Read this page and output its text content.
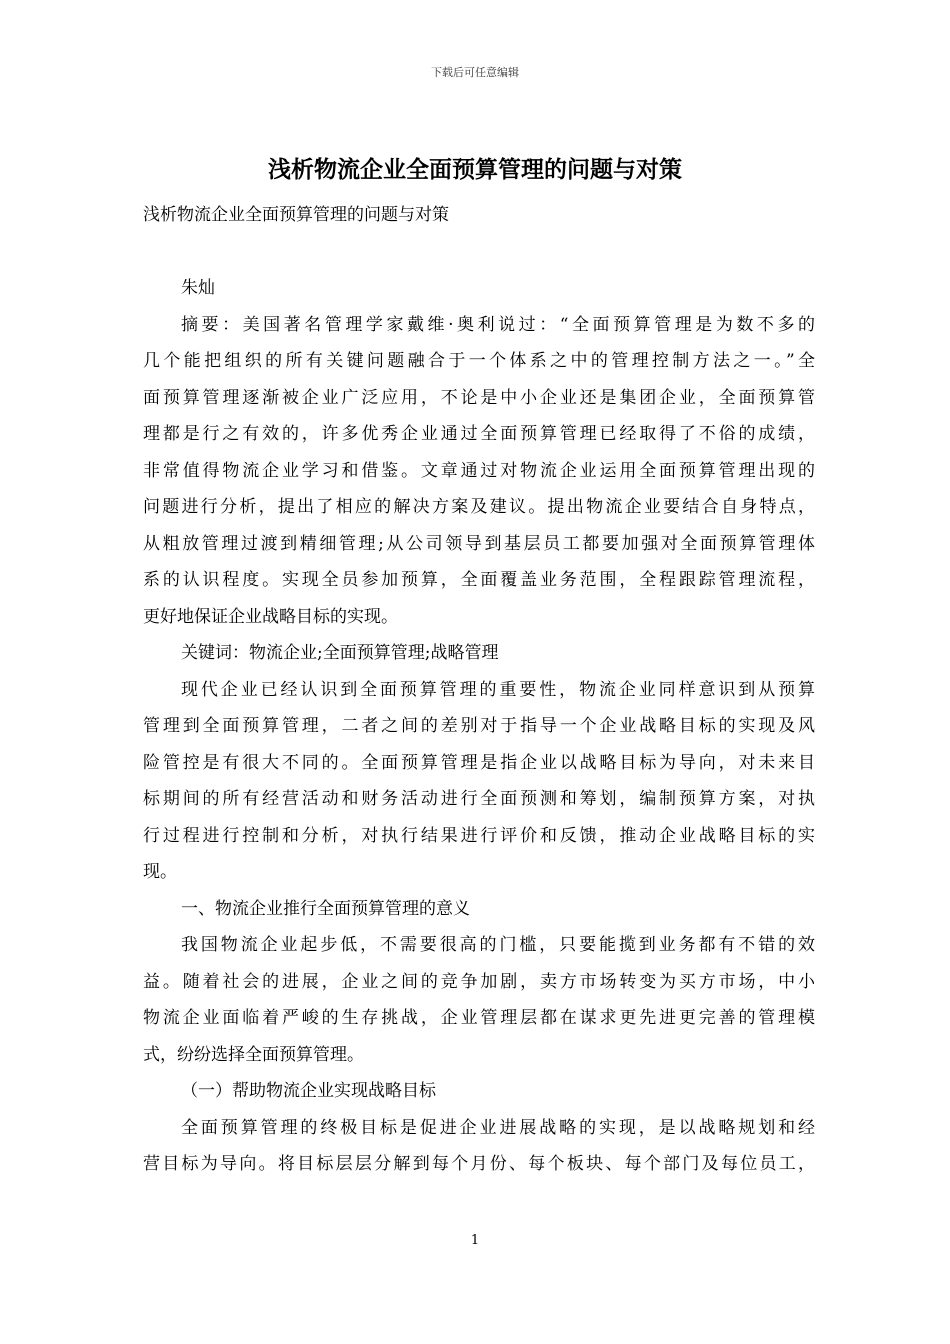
下载后可任意编辑
浅析物流企业全面预算管理的问题与对策
浅析物流企业全面预算管理的问题与对策
朱灿
摘要：美国著名管理学家戴维·奥利说过：“全面预算管理是为数不多的
几个能把组织的所有关键问题融合于一个体系之中的管理控制方法之一。”全
面预算管理逐渐被企业广泛应用，不论是中小企业还是集团企业，全面预算管
理都是行之有效的，许多优秀企业通过全面预算管理已经取得了不俗的成绩，
非常值得物流企业学习和借鉴。文章通过对物流企业运用全面预算管理出现的
问题进行分析，提出了相应的解决方案及建议。提出物流企业要结合自身特点，
从粗放管理过渡到精细管理;从公司领导到基层员工都要加强对全面预算管理体
系的认识程度。实现全员参加预算，全面覆盖业务范围，全程跟踪管理流程，
更好地保证企业战略目标的实现。
关键词：物流企业;全面预算管理;战略管理
现代企业已经认识到全面预算管理的重要性，物流企业同样意识到从预算
管理到全面预算管理，二者之间的差别对于指导一个企业战略目标的实现及风
险管控是有很大不同的。全面预算管理是指企业以战略目标为导向，对未来目
标期间的所有经营活动和财务活动进行全面预测和筹划，编制预算方案，对执
行过程进行控制和分析，对执行结果进行评价和反馈，推动企业战略目标的实
现。
一、物流企业推行全面预算管理的意义
我国物流企业起步低，不需要很高的门槛，只要能揽到业务都有不错的效
益。随着社会的进展，企业之间的竞争加剧，卖方市场转变为买方市场，中小
物流企业面临着严峻的生存挑战，企业管理层都在谋求更先进更完善的管理模
式，纷纷选择全面预算管理。
（一）帮助物流企业实现战略目标
全面预算管理的终极目标是促进企业进展战略的实现，是以战略规划和经
营目标为导向。将目标层层分解到每个月份、每个板块、每个部门及每位员工，
1
